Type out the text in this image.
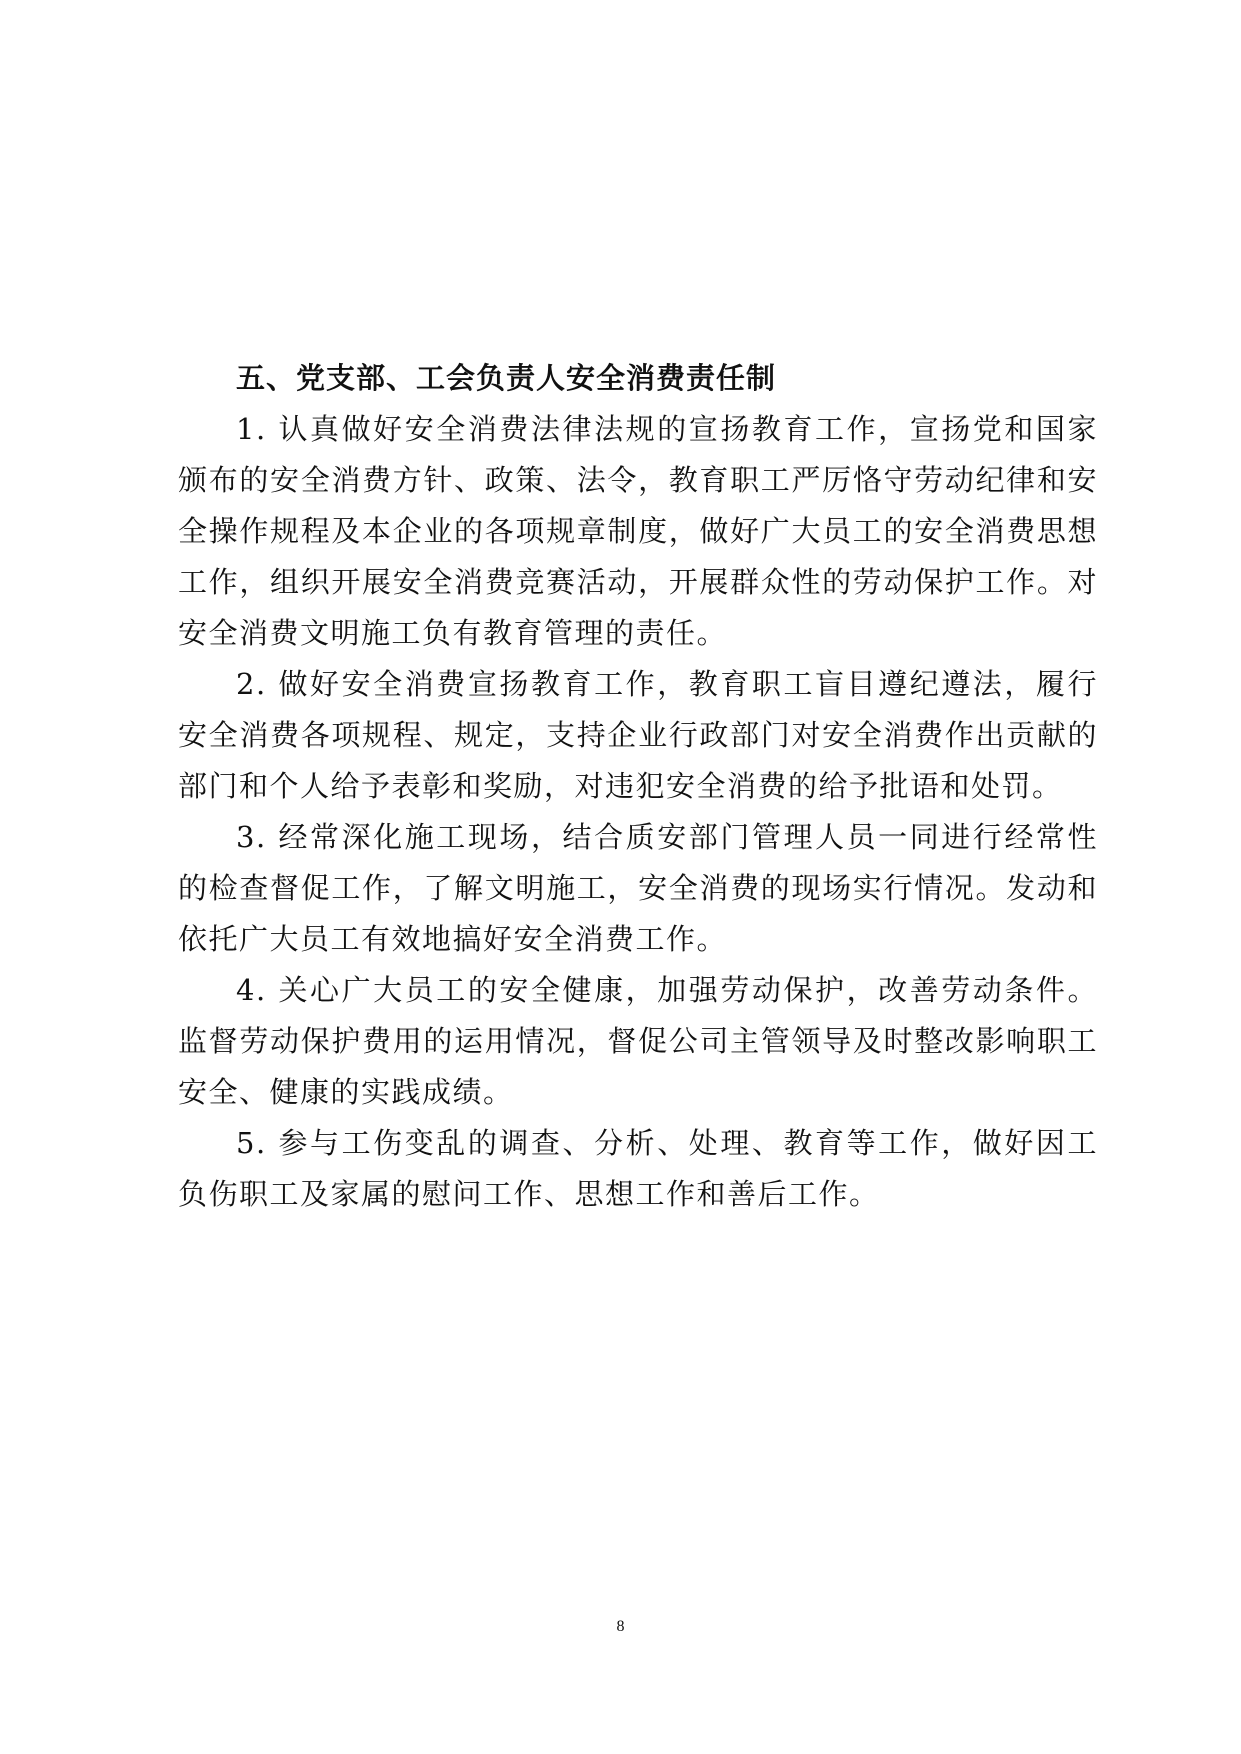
五、党支部、工会负责人安全消费责任制

1. 认真做好安全消费法律法规的宣扬教育工作，宣扬党和国家颁布的安全消费方针、政策、法令，教育职工严厉恪守劳动纪律和安全操作规程及本企业的各项规章制度，做好广大员工的安全消费思想工作，组织开展安全消费竞赛活动，开展群众性的劳动保护工作。对安全消费文明施工负有教育管理的责任。

2. 做好安全消费宣扬教育工作，教育职工盲目遵纪遵法，履行安全消费各项规程、规定，支持企业行政部门对安全消费作出贡献的部门和个人给予表彰和奖励，对违犯安全消费的给予批语和处罚。

3. 经常深化施工现场，结合质安部门管理人员一同进行经常性的检查督促工作，了解文明施工，安全消费的现场实行情况。发动和依托广大员工有效地搞好安全消费工作。

4. 关心广大员工的安全健康，加强劳动保护，改善劳动条件。监督劳动保护费用的运用情况，督促公司主管领导及时整改影响职工安全、健康的实践成绩。

5. 参与工伤变乱的调查、分析、处理、教育等工作，做好因工负伤职工及家属的慰问工作、思想工作和善后工作。

8
